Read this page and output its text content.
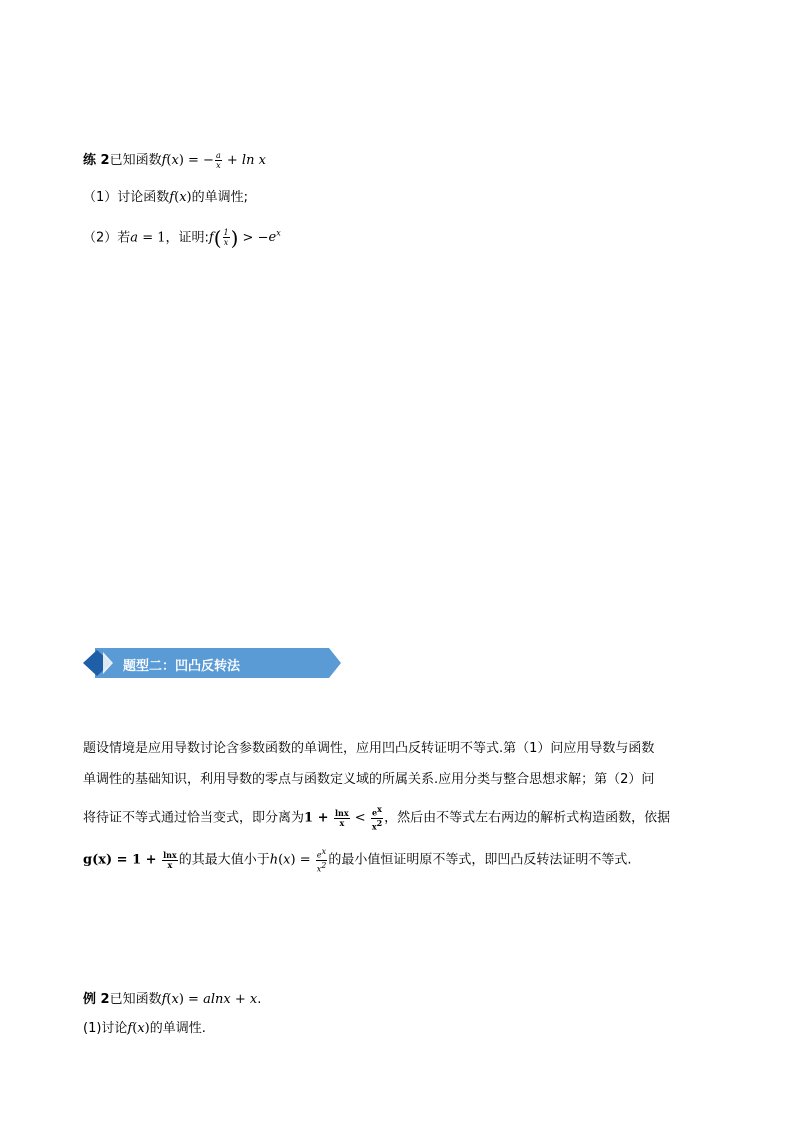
练 2已知函数f(x) = − $\frac{a}{x} + \ln x$
（1）讨论函数f(x)的单调性;
（2）若a = 1，证明:f( $\frac{1}{x}$ ) > $-e^x$
题型二：凹凸反转法
题设情境是应用导数讨论含参数函数的单调性，应用凹凸反转证明不等式.第（1）问应用导数与函数
单调性的基础知识，利用导数的零点与函数定义域的所属关系.应用分类与整合思想求解；第（2）问
将待证不等式通过恰当变式，即分离为$1 + \frac{\ln x}{x} < \frac{e^x}{x^2}$ ，然后由不等式左右两边的解析式构造函数，依据
$g(x) = 1 + \frac{\ln x}{x}$ 的其最大值小于$h(x) = \frac{e^x}{x^2}$ 的最小值恒证明原不等式，即凹凸反转法证明不等式.
例 2已知函数f(x) = alnx + x.
(1)讨论f(x)的单调性.
